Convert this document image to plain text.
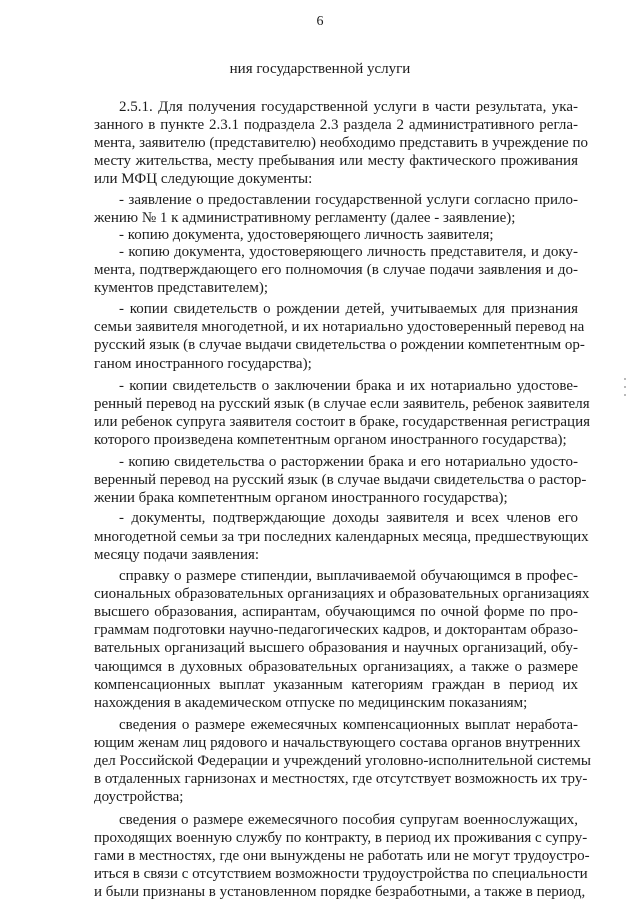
6
ния государственной услуги
2.5.1. Для получения государственной услуги в части результата, ука-
занного в пункте 2.3.1 подраздела 2.3 раздела 2 административного регла-
мента, заявителю (представителю) необходимо представить в учреждение по
месту жительства, месту пребывания или месту фактического проживания
или МФЦ следующие документы:
- заявление о предоставлении государственной услуги согласно прило-
жению № 1 к административному регламенту (далее - заявление);
- копию документа, удостоверяющего личность заявителя;
- копию документа, удостоверяющего личность представителя, и доку-
мента, подтверждающего его полномочия (в случае подачи заявления и до-
кументов представителем);
- копии свидетельств о рождении детей, учитываемых для признания
семьи заявителя многодетной, и их нотариально удостоверенный перевод на
русский язык (в случае выдачи свидетельства о рождении компетентным ор-
ганом иностранного государства);
- копии свидетельств о заключении брака и их нотариально удостове-
ренный перевод на русский язык (в случае если заявитель, ребенок заявителя
или ребенок супруга заявителя состоит в браке, государственная регистрация
которого произведена компетентным органом иностранного государства);
- копию свидетельства о расторжении брака и его нотариально удосто-
веренный перевод на русский язык (в случае выдачи свидетельства о растор-
жении брака компетентным органом иностранного государства);
- документы, подтверждающие доходы заявителя и всех членов его
многодетной семьи за три последних календарных месяца, предшествующих
месяцу подачи заявления:
справку о размере стипендии, выплачиваемой обучающимся в профес-
сиональных образовательных организациях и образовательных организациях
высшего образования, аспирантам, обучающимся по очной форме по про-
граммам подготовки научно-педагогических кадров, и докторантам образо-
вательных организаций высшего образования и научных организаций, обу-
чающимся в духовных образовательных организациях, а также о размере
компенсационных выплат указанным категориям граждан в период их
нахождения в академическом отпуске по медицинским показаниям;
сведения о размере ежемесячных компенсационных выплат неработа-
ющим женам лиц рядового и начальствующего состава органов внутренних
дел Российской Федерации и учреждений уголовно-исполнительной системы
в отдаленных гарнизонах и местностях, где отсутствует возможность их тру-
доустройства;
сведения о размере ежемесячного пособия супругам военнослужащих,
проходящих военную службу по контракту, в период их проживания с супру-
гами в местностях, где они вынуждены не работать или не могут трудоустро-
иться в связи с отсутствием возможности трудоустройства по специальности
и были признаны в установленном порядке безработными, а также в период,
